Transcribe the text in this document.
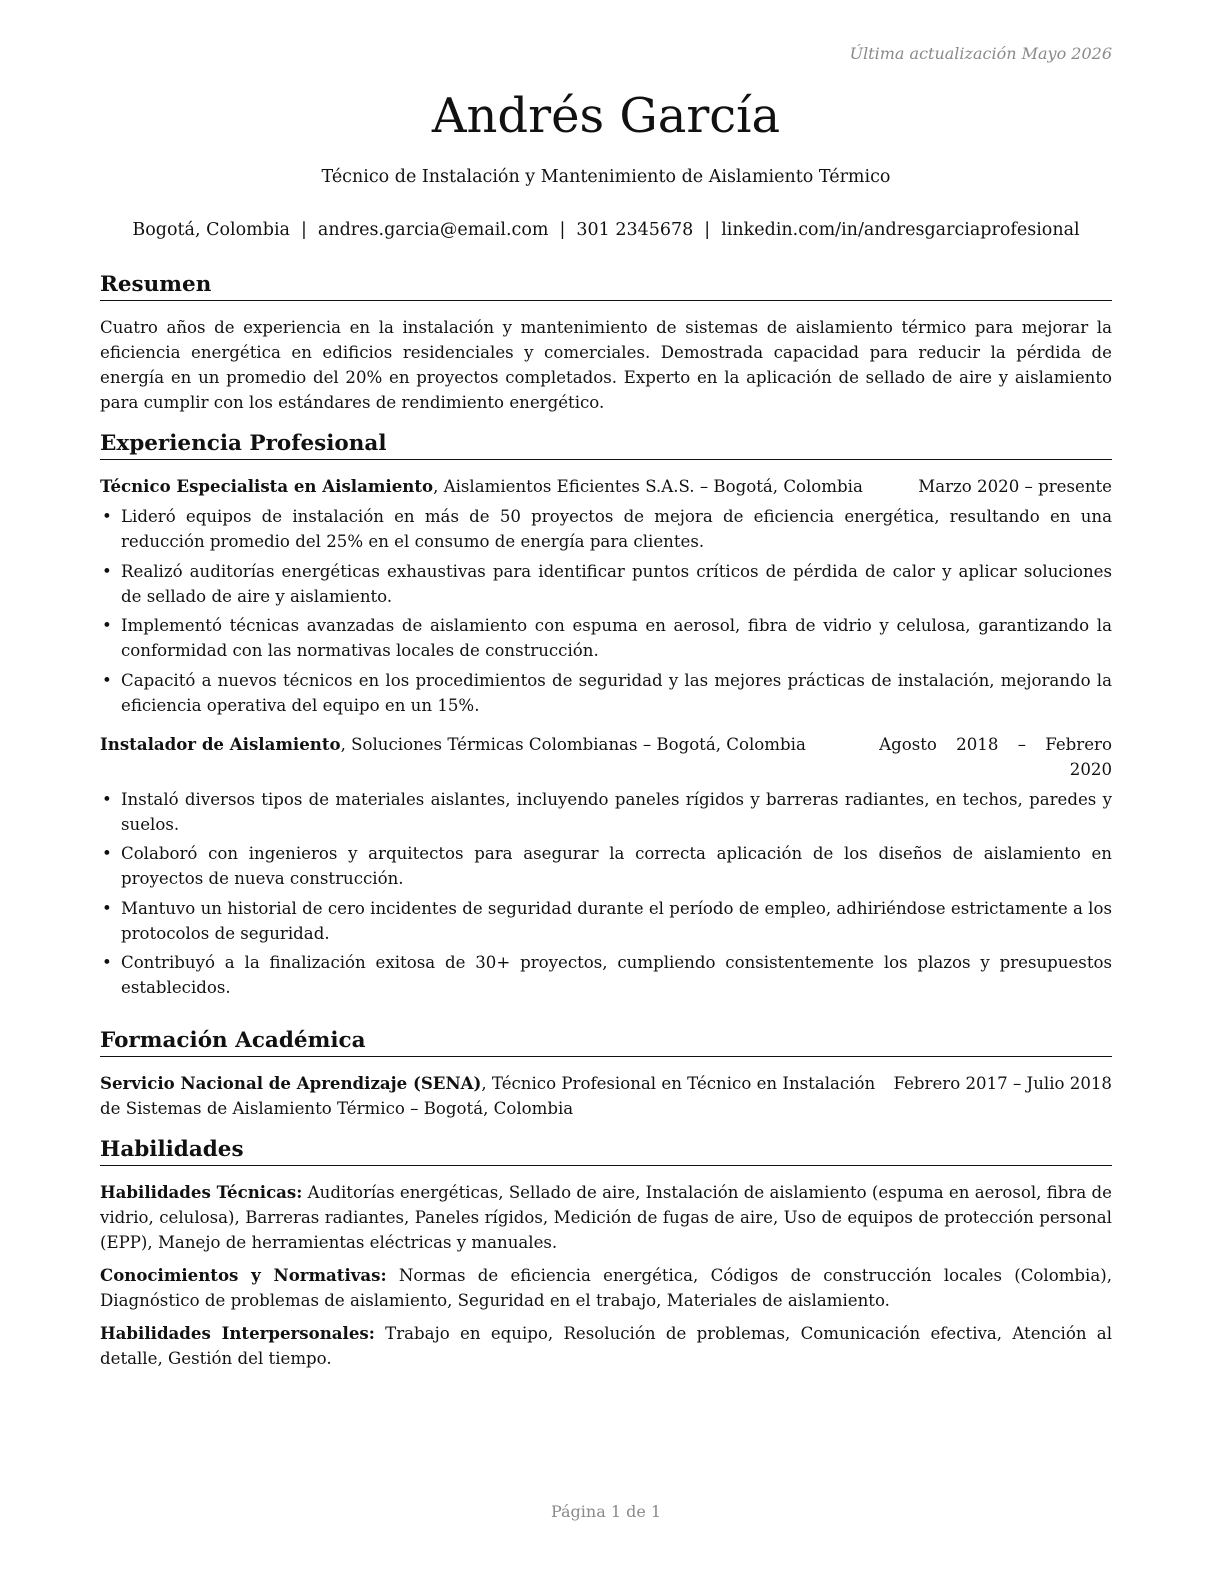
Última actualización Mayo 2026
Andrés García
Técnico de Instalación y Mantenimiento de Aislamiento Térmico
Bogotá, Colombia | andres.garcia@email.com | 301 2345678 | linkedin.com/in/andresgarciaprofesional
Resumen
Cuatro años de experiencia en la instalación y mantenimiento de sistemas de aislamiento térmico para mejorar la eficiencia energética en edificios residenciales y comerciales. Demostrada capacidad para reducir la pérdida de energía en un promedio del 20% en proyectos completados. Experto en la aplicación de sellado de aire y aislamiento para cumplir con los estándares de rendimiento energético.
Experiencia Profesional
Técnico Especialista en Aislamiento, Aislamientos Eficientes S.A.S. – Bogotá, Colombia	Marzo 2020 – presente
• Lideró equipos de instalación en más de 50 proyectos de mejora de eficiencia energética, resultando en una reducción promedio del 25% en el consumo de energía para clientes.
• Realizó auditorías energéticas exhaustivas para identificar puntos críticos de pérdida de calor y aplicar soluciones de sellado de aire y aislamiento.
• Implementó técnicas avanzadas de aislamiento con espuma en aerosol, fibra de vidrio y celulosa, garantizando la conformidad con las normativas locales de construcción.
• Capacitó a nuevos técnicos en los procedimientos de seguridad y las mejores prácticas de instalación, mejorando la eficiencia operativa del equipo en un 15%.
Instalador de Aislamiento, Soluciones Térmicas Colombianas – Bogotá, Colombia	Agosto 2018 – Febrero
2020
• Instaló diversos tipos de materiales aislantes, incluyendo paneles rígidos y barreras radiantes, en techos, paredes y suelos.
• Colaboró con ingenieros y arquitectos para asegurar la correcta aplicación de los diseños de aislamiento en proyectos de nueva construcción.
• Mantuvo un historial de cero incidentes de seguridad durante el período de empleo, adhiriéndose estrictamente a los protocolos de seguridad.
• Contribuyó a la finalización exitosa de 30+ proyectos, cumpliendo consistentemente los plazos y presupuestos establecidos.
Formación Académica
Servicio Nacional de Aprendizaje (SENA), Técnico Profesional en Técnico en Instalación
de Sistemas de Aislamiento Térmico – Bogotá, Colombia
Febrero 2017 – Julio 2018
Habilidades
Habilidades Técnicas: Auditorías energéticas, Sellado de aire, Instalación de aislamiento (espuma en aerosol, fibra de vidrio, celulosa), Barreras radiantes, Paneles rígidos, Medición de fugas de aire, Uso de equipos de protección personal (EPP), Manejo de herramientas eléctricas y manuales.
Conocimientos y Normativas: Normas de eficiencia energética, Códigos de construcción locales (Colombia), Diagnóstico de problemas de aislamiento, Seguridad en el trabajo, Materiales de aislamiento.
Habilidades Interpersonales: Trabajo en equipo, Resolución de problemas, Comunicación efectiva, Atención al detalle, Gestión del tiempo.
Página 1 de 1
